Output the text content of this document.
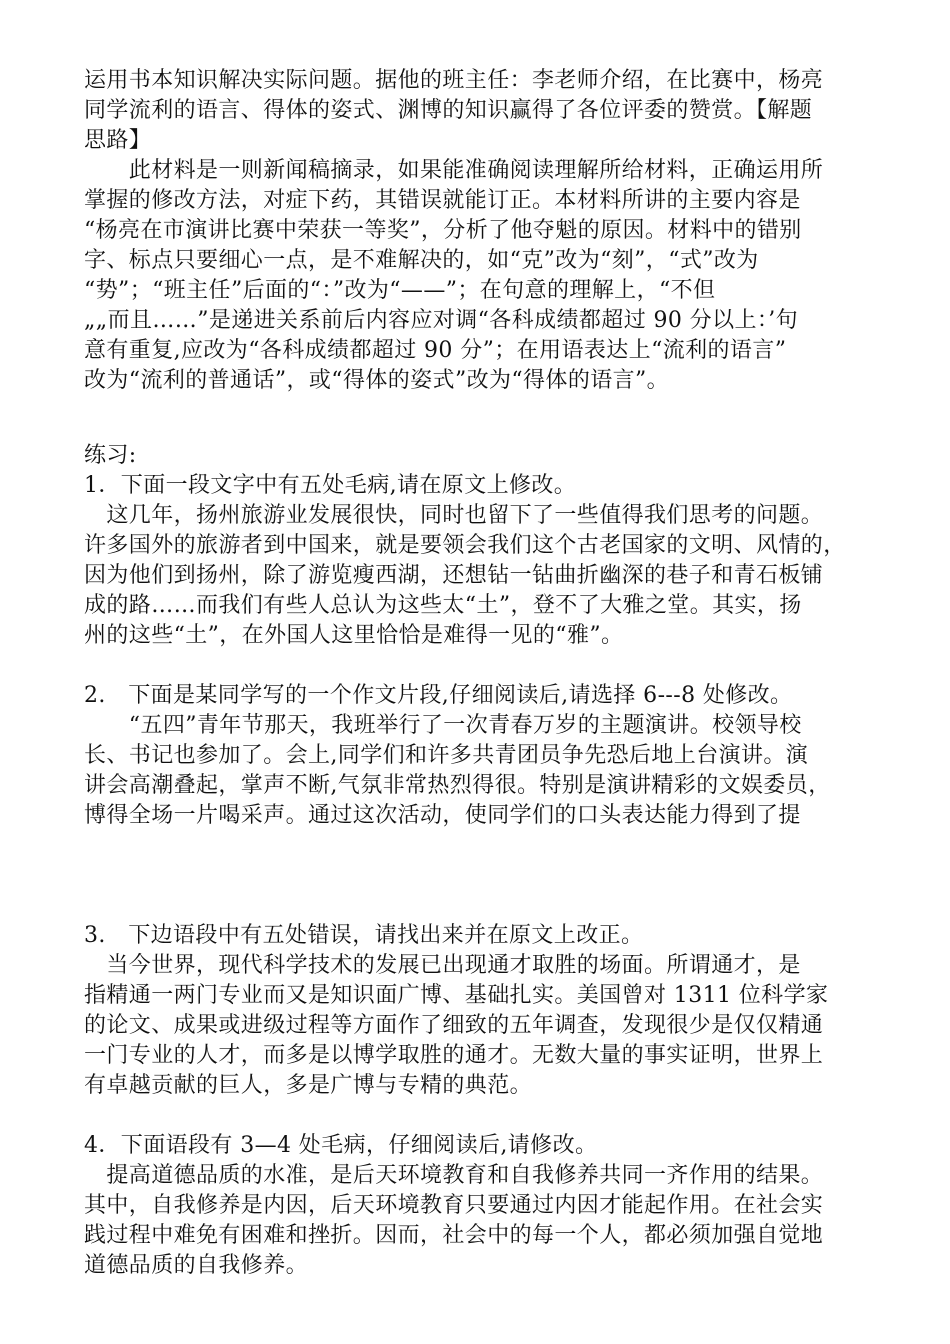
运用书本知识解决实际问题。据他的班主任：李老师介绍，在比赛中，杨亮
同学流利的语言、得体的姿式、渊博的知识赢得了各位评委的赞赏。【解题
思路】
　　此材料是一则新闻稿摘录，如果能准确阅读理解所给材料，正确运用所
掌握的修改方法，对症下药，其错误就能订正。本材料所讲的主要内容是
“杨亮在市演讲比赛中荣获一等奖”，分析了他夺魁的原因。材料中的错别
字、标点只要细心一点，是不难解决的，如“克”改为“刻”，“式”改为
“势”；“班主任”后面的“：”改为“——”；在句意的理解上，“不但
„„而且……”是递进关系前后内容应对调“各科成绩都超过 90 分以上：’句
意有重复,应改为“各科成绩都超过 90 分”；在用语表达上“流利的语言”
改为“流利的普通话”，或“得体的姿式”改为“得体的语言”。
练习:
1．下面一段文字中有五处毛病,请在原文上修改。
　这几年，扬州旅游业发展很快，同时也留下了一些值得我们思考的问题。
许多国外的旅游者到中国来，就是要领会我们这个古老国家的文明、风情的，
因为他们到扬州，除了游览瘦西湖，还想钻一钻曲折幽深的巷子和青石板铺
成的路……而我们有些人总认为这些太“土”，登不了大雅之堂。其实，扬
州的这些“土”，在外国人这里恰恰是难得一见的“雅”。
2.　下面是某同学写的一个作文片段,仔细阅读后,请选择 6---8 处修改。
　　“五四”青年节那天，我班举行了一次青春万岁的主题演讲。校领导校
长、书记也参加了。会上,同学们和许多共青团员争先恐后地上台演讲。演
讲会高潮叠起，掌声不断,气氛非常热烈得很。特别是演讲精彩的文娱委员，
博得全场一片喝采声。通过这次活动，使同学们的口头表达能力得到了提
3.　下边语段中有五处错误，请找出来并在原文上改正。
　当今世界，现代科学技术的发展已出现通才取胜的场面。所谓通才，是
指精通一两门专业而又是知识面广博、基础扎实。美国曾对 1311 位科学家
的论文、成果或进级过程等方面作了细致的五年调查，发现很少是仅仅精通
一门专业的人才，而多是以博学取胜的通才。无数大量的事实证明，世界上
有卓越贡献的巨人，多是广博与专精的典范。
4．下面语段有 3—4 处毛病，仔细阅读后,请修改。
　提高道德品质的水准，是后天环境教育和自我修养共同一齐作用的结果。
其中，自我修养是内因，后天环境教育只要通过内因才能起作用。在社会实
践过程中难免有困难和挫折。因而，社会中的每一个人，都必须加强自觉地
道德品质的自我修养。
